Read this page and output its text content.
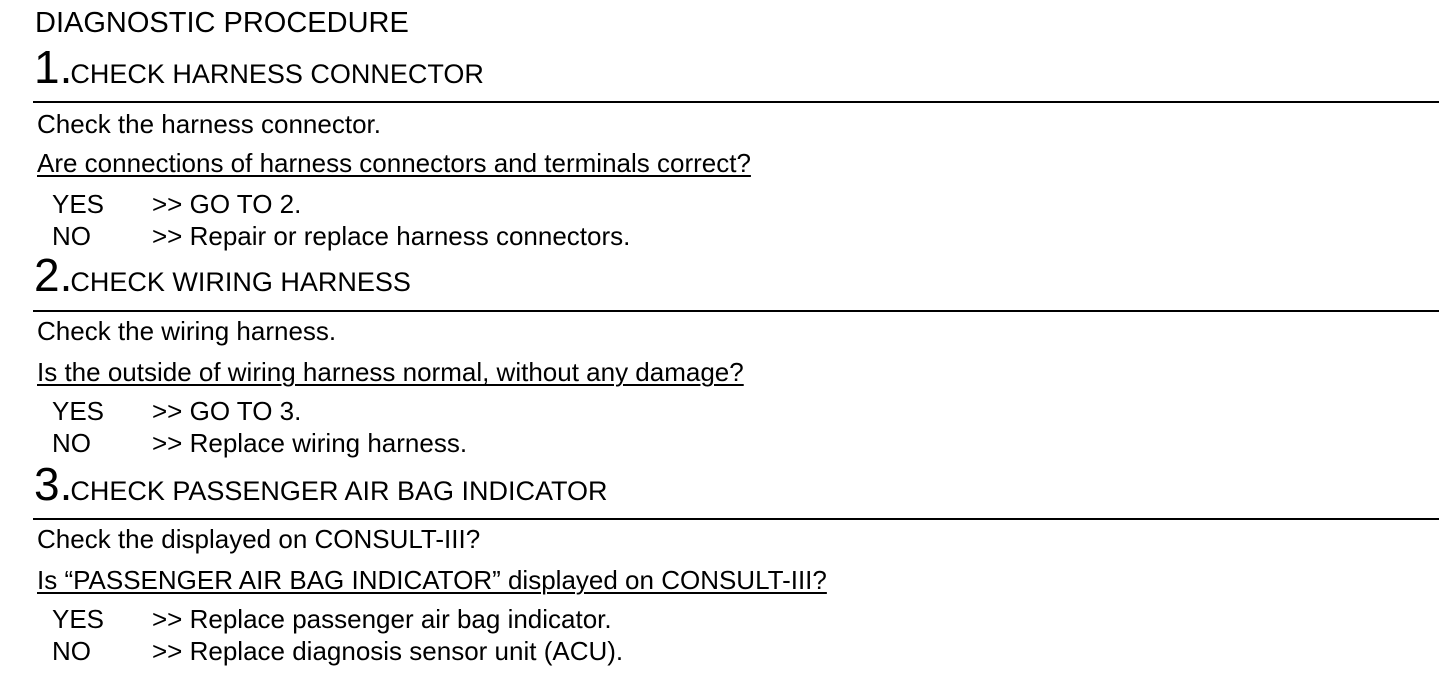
DIAGNOSTIC PROCEDURE
1.CHECK HARNESS CONNECTOR
Check the harness connector.
Are connections of harness connectors and terminals correct?
YES >> GO TO 2.
NO >> Repair or replace harness connectors.
2.CHECK WIRING HARNESS
Check the wiring harness.
Is the outside of wiring harness normal, without any damage?
YES >> GO TO 3.
NO >> Replace wiring harness.
3.CHECK PASSENGER AIR BAG INDICATOR
Check the displayed on CONSULT-III?
Is “PASSENGER AIR BAG INDICATOR” displayed on CONSULT-III?
YES >> Replace passenger air bag indicator.
NO >> Replace diagnosis sensor unit (ACU).
